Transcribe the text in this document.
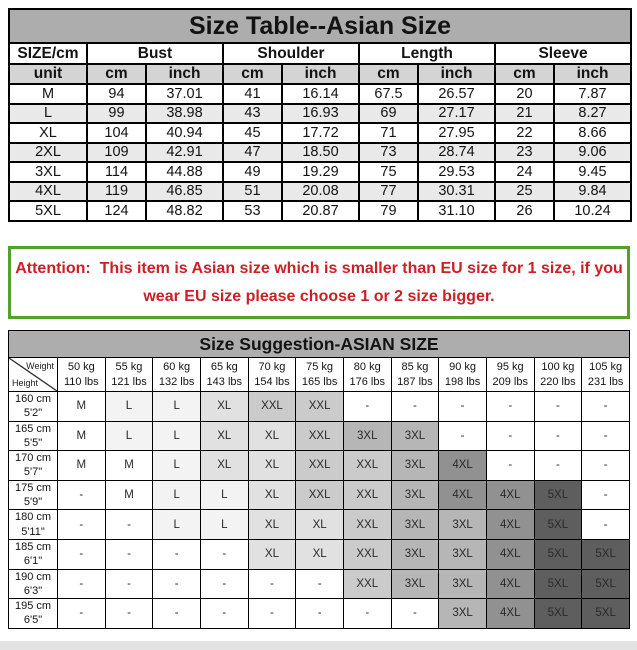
Size Table--Asian Size								
SIZE/cm	Bust		Shoulder		Length		Sleeve	
unit	cm	inch	cm	inch	cm	inch	cm	inch
M	94	37.01	41	16.14	67.5	26.57	20	7.87
L	99	38.98	43	16.93	69	27.17	21	8.27
XL	104	40.94	45	17.72	71	27.95	22	8.66
2XL	109	42.91	47	18.50	73	28.74	23	9.06
3XL	114	44.88	49	19.29	75	29.53	24	9.45
4XL	119	46.85	51	20.08	77	30.31	25	9.84
5XL	124	48.82	53	20.87	79	31.10	26	10.24
Attention:  This item is Asian size which is smaller than EU size for 1 size, if you wear EU size please choose 1 or 2 size bigger.
Size Suggestion-ASIAN SIZE												

Weight
Height

50 kg
110 lbs

55 kg
121 lbs

60 kg
132 lbs

65 kg
143 lbs

70 kg
154 lbs

75 kg
165 lbs

80 kg
176 lbs

85 kg
187 lbs

90 kg
198 lbs

95 kg
209 lbs

100 kg
220 lbs

105 kg
231 lbs

160 cm
5'2"	M	L	L	XL	XXL	XXL	-	-	-	-	-	-

165 cm
5'5"	M	L	L	XL	XL	XXL	3XL	3XL	-	-	-	-

170 cm
5'7"	M	M	L	XL	XL	XXL	XXL	3XL	4XL	-	-	-

175 cm
5'9"	-	M	L	L	XL	XXL	XXL	3XL	4XL	4XL	5XL	-

180 cm
5'11"	-	-	L	L	XL	XL	XXL	3XL	3XL	4XL	5XL	-

185 cm
6'1"	-	-	-	-	XL	XL	XXL	3XL	3XL	4XL	5XL	5XL

190 cm
6'3"	-	-	-	-	-	-	XXL	3XL	3XL	4XL	5XL	5XL

195 cm
6'5"	-	-	-	-	-	-	-	-	3XL	4XL	5XL	5XL
